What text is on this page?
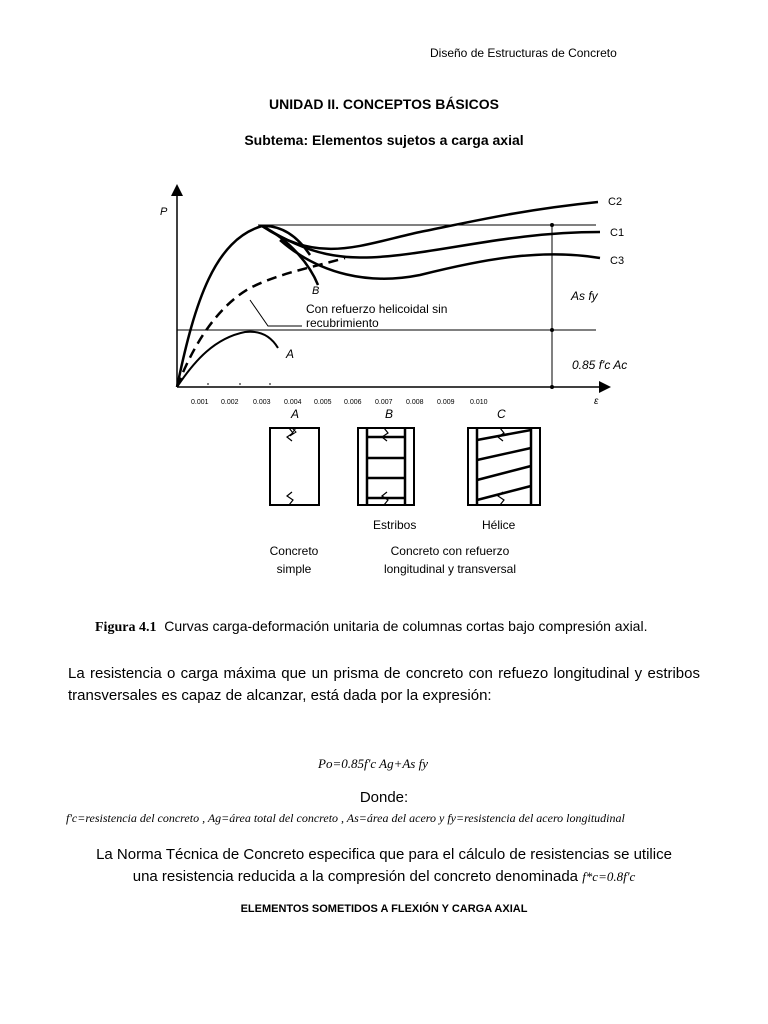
Diseño de Estructuras de Concreto
UNIDAD II. CONCEPTOS BÁSICOS
Subtema: Elementos sujetos a carga axial
P
ε
0.001 0.002 0.003 0.004 0.005 0.006 0.007 0.008 0.009 0.010
C2
C1
C3
B
A
Con refuerzo helicoidal sin
recubrimiento
As fy
0.85 f'c Ac
A	B	C
Estribos	Hélice
Concreto
simple
Concreto con refuerzo
longitudinal y transversal
Figura 4.1 Curvas carga-deformación unitaria de columnas cortas bajo compresión axial.
La resistencia o carga máxima que un prisma de concreto con refuezo longitudinal y estribos transversales es capaz de alcanzar, está dada por la expresión:
Po=0.85f'c Ag+As fy
Donde:
f'c=resistencia del concreto , Ag=área total del concreto , As=área del acero y fy=resistencia del acero longitudinal
La Norma Técnica de Concreto especifica que para el cálculo de resistencias se utilice
una resistencia reducida a la compresión del concreto denominada f*c=0.8f'c
ELEMENTOS SOMETIDOS A FLEXIÓN Y CARGA AXIAL
